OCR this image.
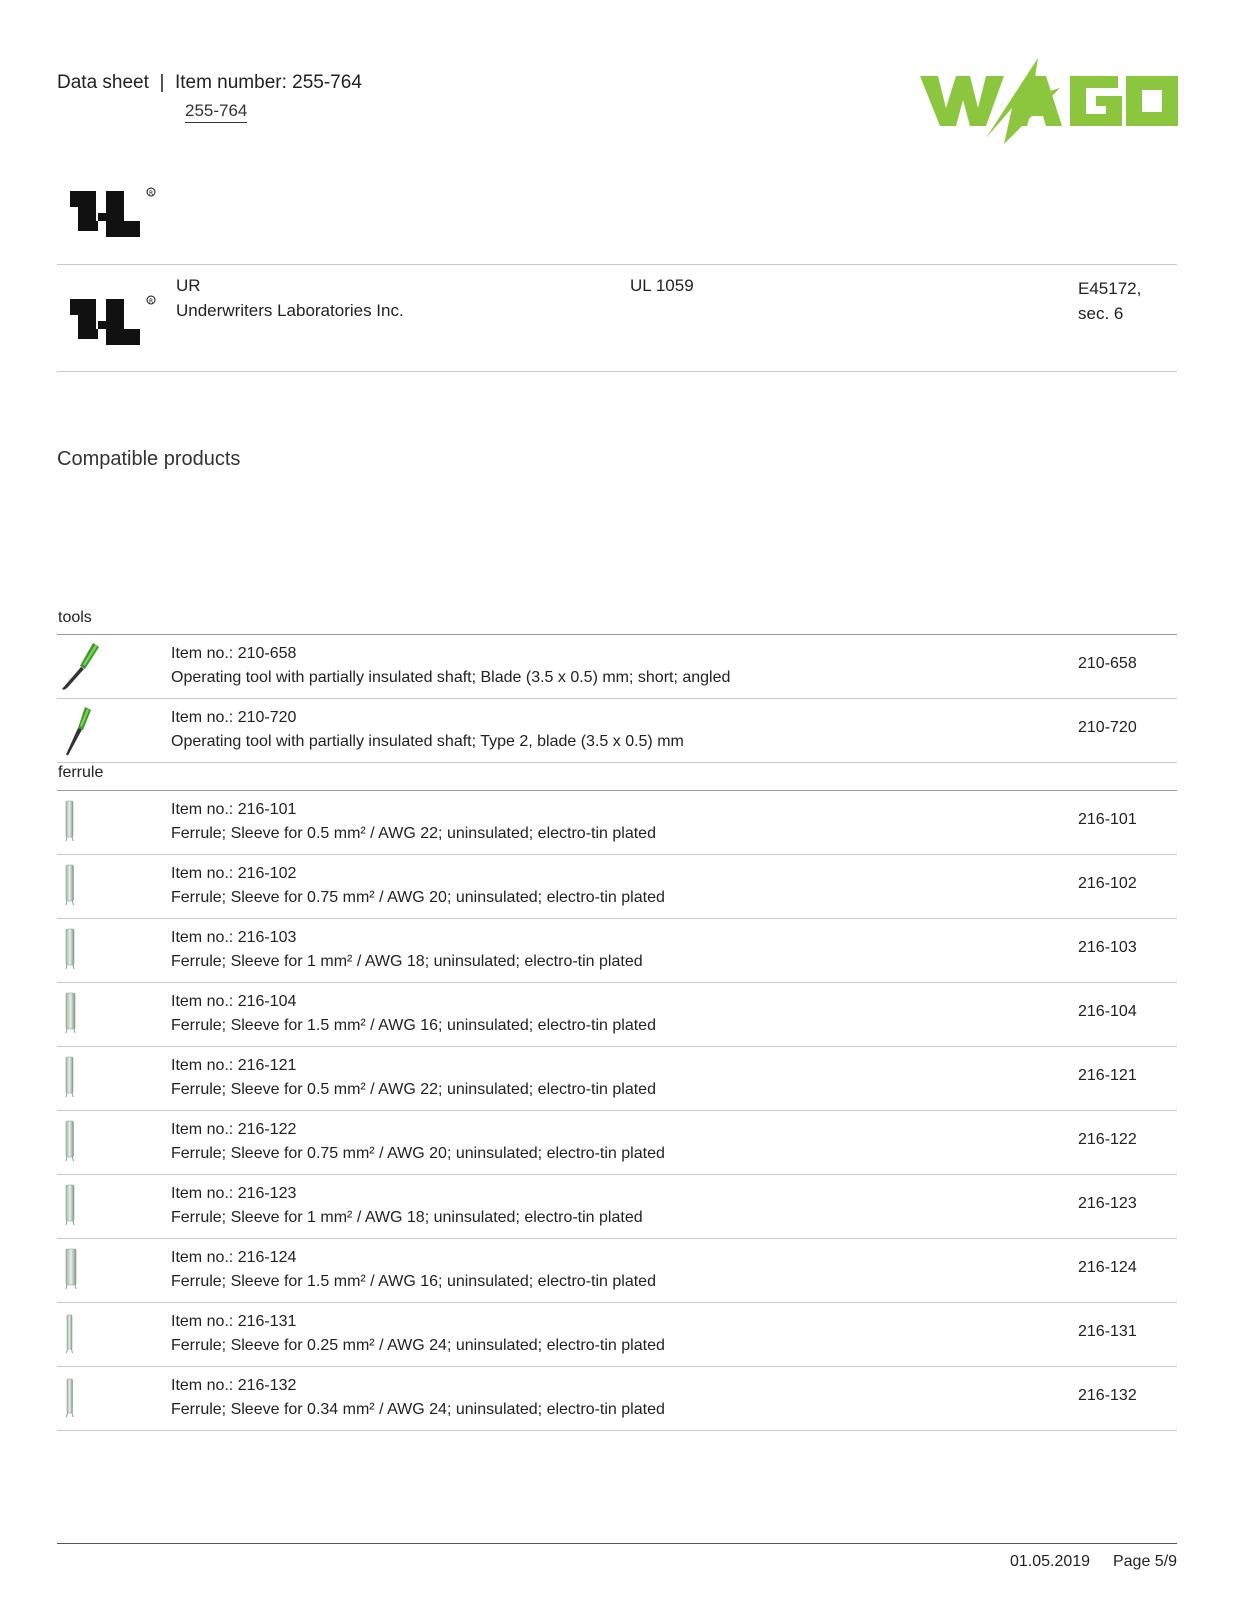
Data sheet  |  Item number: 255-764
255-764
R
R
UR
Underwriters Laboratories Inc.
UL 1059	E45172,
sec. 6
Compatible products
tools
Item no.: 210-658
Operating tool with partially insulated shaft; Blade (3.5 x 0.5) mm; short; angled
210-658
Item no.: 210-720
Operating tool with partially insulated shaft; Type 2, blade (3.5 x 0.5) mm
210-720
ferrule
Item no.: 216-101
Ferrule; Sleeve for 0.5 mm² / AWG 22; uninsulated; electro-tin plated
216-101
Item no.: 216-102
Ferrule; Sleeve for 0.75 mm² / AWG 20; uninsulated; electro-tin plated
216-102
Item no.: 216-103
Ferrule; Sleeve for 1 mm² / AWG 18; uninsulated; electro-tin plated
216-103
Item no.: 216-104
Ferrule; Sleeve for 1.5 mm² / AWG 16; uninsulated; electro-tin plated
216-104
Item no.: 216-121
Ferrule; Sleeve for 0.5 mm² / AWG 22; uninsulated; electro-tin plated
216-121
Item no.: 216-122
Ferrule; Sleeve for 0.75 mm² / AWG 20; uninsulated; electro-tin plated
216-122
Item no.: 216-123
Ferrule; Sleeve for 1 mm² / AWG 18; uninsulated; electro-tin plated
216-123
Item no.: 216-124
Ferrule; Sleeve for 1.5 mm² / AWG 16; uninsulated; electro-tin plated
216-124
Item no.: 216-131
Ferrule; Sleeve for 0.25 mm² / AWG 24; uninsulated; electro-tin plated
216-131
Item no.: 216-132
Ferrule; Sleeve for 0.34 mm² / AWG 24; uninsulated; electro-tin plated
216-132
01.05.2019 Page 5/9
